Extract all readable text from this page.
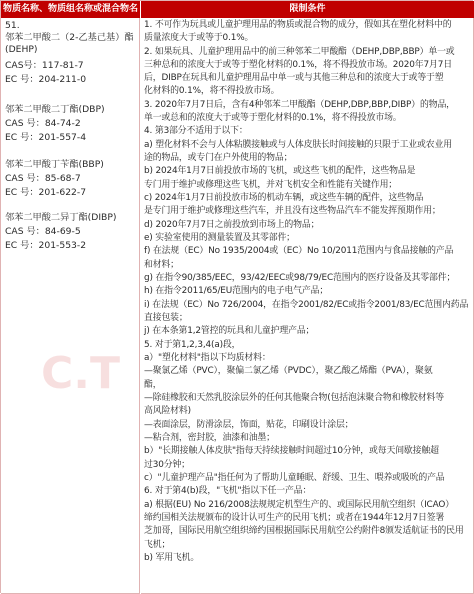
物质名称、物质组名称或混合物名称
限制条件
C.T
51.
邻苯二甲酸二（2-乙基己基）酯
(DEHP)
CAS号：117-81-7
EC 号：204-211-0
邻苯二甲酸二丁酯(DBP)
CAS 号：84-74-2
EC 号：201-557-4
邻苯二甲酸丁苄酯(BBP)
CAS 号：85-68-7
EC 号：201-622-7
邻苯二甲酸二异丁酯(DIBP)
CAS 号：84-69-5
EC 号：201-553-2
1. 不可作为玩具或儿童护理用品的物质或混合物的成分，假如其在塑化材料中的
质量浓度大于或等于0.1%。
2. 如果玩具、儿童护理用品中的前三种邻苯二甲酸酯（DEHP,DBP,BBP）单一或
三种总和的浓度大于或等于塑化材料的0.1%，将不得投放市场。2020年7月7日
后，DIBP在玩具和儿童护理用品中单一或与其他三种总和的浓度大于或等于塑
化材料的0.1%，将不得投放市场。
3. 2020年7月7日后，含有4种邻苯二甲酸酯（DEHP,DBP,BBP,DIBP）的物品，
单一或总和的浓度大于或等于塑化材料的0.1%，将不得投放市场。
4. 第3部分不适用于以下：
a) 塑化材料不会与人体粘膜接触或与人体皮肤长时间接触的只限于工业或农业用
途的物品，或专门在户外使用的物品；
b) 2024年1月7日前投放市场的飞机，或这些飞机的配件，这些物品是
专门用于维护或修理这些飞机，并对飞机安全和性能有关键作用；
c) 2024年1月7日前投放市场的机动车辆，或这些车辆的配件，这些物品
是专门用于维护或修理这些汽车，并且没有这些物品汽车不能发挥预期作用；
d) 2020年7月7日之前投放到市场上的物品；
e) 实验室使用的测量装置及其零部件；
f) 在法规（EC）No 1935/2004或（EC）No 10/2011范围内与食品接触的产品
和材料；
g) 在指令90/385/EEC，93/42/EEC或98/79/EC范围内的医疗设备及其零部件；
h) 在指令2011/65/EU范围内的电子电气产品；
i) 在法规（EC）No 726/2004，在指令2001/82/EC或指令2001/83/EC范围内药品
直接包装；
j) 在本条第1,2管控的玩具和儿童护理产品；
5. 对于第1,2,3,4(a)段，
a）"塑化材料"指以下均质材料：
—聚氯乙烯（PVC），聚偏二氯乙烯（PVDC），聚乙酸乙烯酯（PVA），聚氨
酯，
—除硅橡胶和天然乳胶涂层外的任何其他聚合物(包括泡沫聚合物和橡胶材料等
高风险材料)
—表面涂层，防滑涂层，饰面，贴花，印刷设计涂层；
—粘合剂，密封胶，油漆和油墨；
b）"长期接触人体皮肤"指每天持续接触时间超过10分钟，或每天间歇接触超
过30分钟；
c）"儿童护理产品"指任何为了帮助儿童睡眠、舒缓、卫生、喂养或吸吮的产品
6. 对于第4(b)段，"飞机"指以下任一产品：
a) 根据(EU) No 216/2008法规规定机型生产的、或国际民用航空组织（ICAO）
缔约国相关法规颁布的设计认可生产的民用飞机；或者在1944年12月7日签署
芝加哥，国际民用航空组织缔约国根据国际民用航空公约附件8颁发适航证书的民用
飞机；
b) 军用飞机。
